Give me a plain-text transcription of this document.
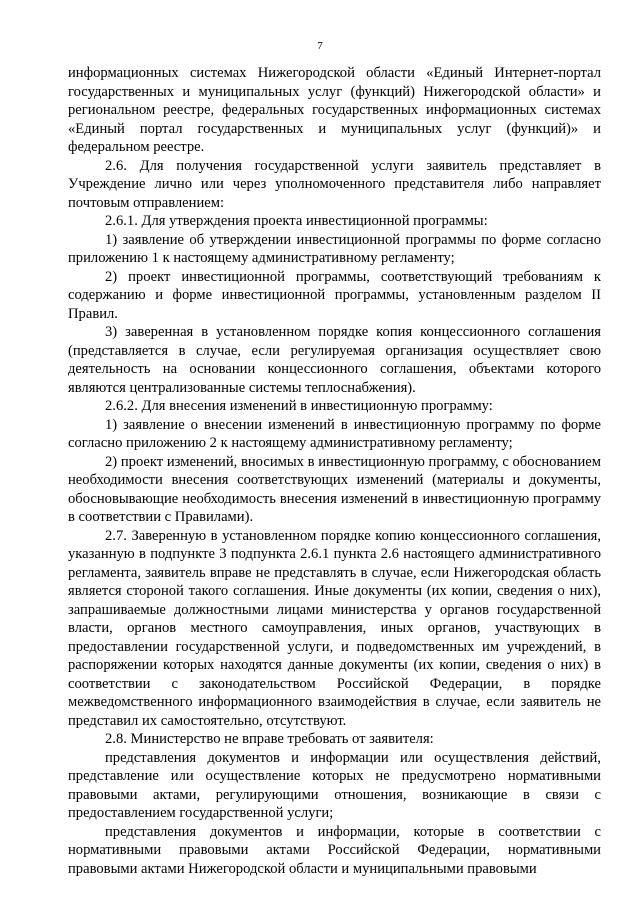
7

информационных системах Нижегородской области «Единый Интернет-портал государственных и муниципальных услуг (функций) Нижегородской области» и региональном реестре, федеральных государственных информационных системах «Единый портал государственных и муниципальных услуг (функций)» и федеральном реестре.

2.6. Для получения государственной услуги заявитель представляет в Учреждение лично или через уполномоченного представителя либо направляет почтовым отправлением:

2.6.1. Для утверждения проекта инвестиционной программы:

1) заявление об утверждении инвестиционной программы по форме согласно приложению 1 к настоящему административному регламенту;

2) проект инвестиционной программы, соответствующий требованиям к содержанию и форме инвестиционной программы, установленным разделом II Правил.

3) заверенная в установленном порядке копия концессионного соглашения (представляется в случае, если регулируемая организация осуществляет свою деятельность на основании концессионного соглашения, объектами которого являются централизованные системы теплоснабжения).

2.6.2. Для внесения изменений в инвестиционную программу:

1) заявление о внесении изменений в инвестиционную программу по форме согласно приложению 2 к настоящему административному регламенту;

2) проект изменений, вносимых в инвестиционную программу, с обоснованием необходимости внесения соответствующих изменений (материалы и документы, обосновывающие необходимость внесения изменений в инвестиционную программу в соответствии с Правилами).

2.7. Заверенную в установленном порядке копию концессионного соглашения, указанную в подпункте 3 подпункта 2.6.1 пункта 2.6 настоящего административного регламента, заявитель вправе не представлять в случае, если Нижегородская область является стороной такого соглашения. Иные документы (их копии, сведения о них), запрашиваемые должностными лицами министерства у органов государственной власти, органов местного самоуправления, иных органов, участвующих в предоставлении государственной услуги, и подведомственных им учреждений, в распоряжении которых находятся данные документы (их копии, сведения о них) в соответствии с законодательством Российской Федерации, в порядке межведомственного информационного взаимодействия в случае, если заявитель не представил их самостоятельно, отсутствуют.

2.8. Министерство не вправе требовать от заявителя:

представления документов и информации или осуществления действий, представление или осуществление которых не предусмотрено нормативными правовыми актами, регулирующими отношения, возникающие в связи с предоставлением государственной услуги;

представления документов и информации, которые в соответствии с нормативными правовыми актами Российской Федерации, нормативными правовыми актами Нижегородской области и муниципальными правовыми
